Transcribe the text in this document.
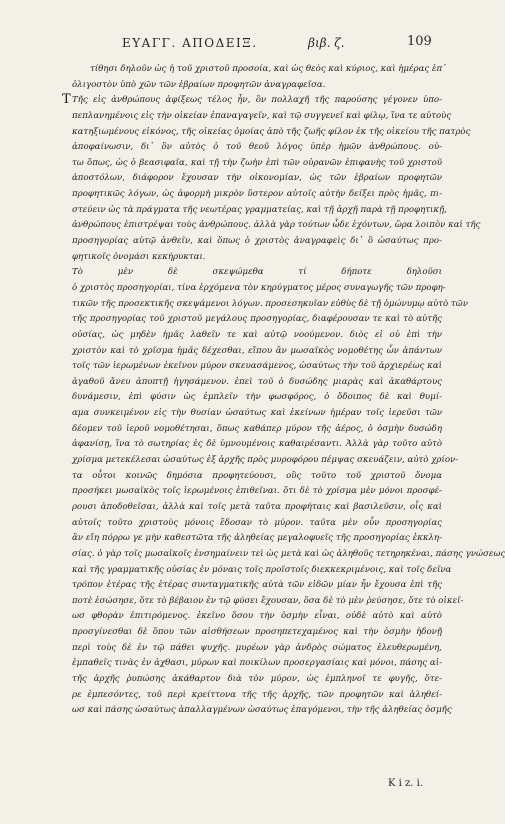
ΕΥΑΓΓ. ΑΠΟΔΕΙΞ.	βιβ. ζ.	109
Τ
τίθησι δηλοῦν ὡς ἡ τοῦ χριστοῦ προσοία, καὶ ὡς θεὸς καὶ κύριος, καὶ ἡμέρας ἐπ᾽
ὀλιγοστὸν ὑπὸ χῶν τῶν ἑβραίων προφητῶν ἀναγραφεῖσα.
Τῆς εἰς ἀνθρώπους ἀφίξεως τέλος ἦν, ὃν πολλαχῆ τῆς παρούσης γέγονεν ὑπο-
πεπλανημένοις εἰς τὴν οἰκείαν ἐπαναγαγεῖν, καὶ τῷ συγγενεῖ καὶ φίλῳ, ἵνα τε αὐτοὺς
κατηξιωμένους εἰκόνος, τῆς οἰκείας ὁμοίας ἀπὸ τῆς ζωῆς φίλον ἐκ τῆς οἰκείου τῆς πατρὸς
ἀποφαίνωσιν, δι᾽ ὃν αὐτὸς ὁ τοῦ θεοῦ λόγος ὑπὲρ ἡμῶν ἀνθρώπους. οὐ-
τω ὅπως, ὡς ὁ βεασιφαῖα, καὶ τῇ τὴν ζωὴν ἐπὶ τῶν οὐρανῶν ἐπιφανὴς τοῦ χριστοῦ
ἀποστόλων, διάφορον ἔχουσαν τὴν οἰκονομίαν, ὡς τῶν ἑβραίων προφητῶν
προφητικῶς λόγων, ὡς ἀφορμὴ μικρὸν ὕστερον αὐτοῖς αὐτὴν δείξει πρὸς ἡμᾶς, πι-
στεύειν ὡς τὰ πράγματα τῆς νεωτέρας γραμματείας, καὶ τῇ ἀρχῇ παρὰ τῇ προφητικῇ,
ἀνθρώπους ἐπιστρέψαι τοὺς ἀνθρώπους. ἀλλὰ γὰρ τούτων ὧδε ἐχόντων, ὥρα λοιπὸν καὶ τῆς
προσηγορίας αὐτῷ ἀνθεῖν, καὶ ὅπως ὁ χριστὸς ἀναγραφεὶς δι᾽ ὃ ὠσαύτως προ-
φητικοῖς ὀνομάσι κεκήρυκται.
Τὸ μὲν δὲ σκεψώμεθα τί δήποτε δηλοῦσι
ὁ χριστὸς προσηγορίαι, τίνα ἐρχόμενα τὸν κηρύγματος μέρος συναγωγῆς τῶν προφη-
τικῶν τῆς προσεκτικῆς σκεψάμενοι λόγων. προσεσηκυῖαν εὐθὺς δὲ τῇ ὁμώνυμῳ αὐτὸ τῶν
τῆς προσηγορίας τοῦ χριστοῦ μεγάλους προσηγορίας, διαφέρουσαν τε καὶ τὸ αὐτῆς
οὐσίας, ὡς μηδὲν ἡμᾶς λαθεῖν τε καὶ αὐτῷ νοούμενον. διὸς εἰ οὐ ἐπὶ τὴν
χριστὸν καὶ τὸ χρῖσμα ἡμᾶς δέχεσθαι, εἴπου ἂν μωσαϊκὸς νομοθέτης ὧν ἀπάντων
τοῖς τῶν ἱερωμένων ἐκεῖνον μύρον σκευασάμενος, ὡσαύτως τὴν τοῦ ἀρχιερέως καὶ
ἀγαθοῦ ἄνευ ἀποπτῇ ἡγησάμενον. ἐπεὶ τοῦ ὁ δυσώδης μιαρὰς καὶ ἀκαθάρτους
δυνάμεσιν, ἐπὶ φύσιν ὡς ἐμπλεῖν τὴν φωσφόρος, ὁ ὄδοιπος δὲ καὶ θυμί-
αμα συνκειμένον εἰς τὴν θυσίαν ὡσαύτως καὶ ἐκείνων ἡμέραν τοῖς ἱερεῦσι τῶν
δέομεν τοῦ ἱεροῦ νομοθέτησαι, ὅπως καθάπερ μύρον τῆς ἀέρος, ὁ ὀσμὴν δυσώδη
ἀφανίσῃ, ἵνα τὸ σωτηρίας ἐς δὲ ὑμνουμένοις καθαιρέσαντι. Ἀλλὰ γὰρ τοῦτο αὐτὸ
χρίσμα μετεκέλεσαι ὡσαύτως ἐξ ἀρχῆς πρὸς μυροφόρου πέμψας σκευάζειν, αὐτὸ χρίον-
τα οὗτοι κοινῶς δημόσια προφητεύουσι, οὓς τοῦτο τοῦ χριστοῦ ὄνομα
προσήκει μωσαϊκὸς τοῖς ἱερωμένοις ἐπιθεῖναι. ὅτι δὲ τὸ χρίσμα μὲν μόνοι προσφέ-
ρουσι ἀποδοθεῖσαι, ἀλλὰ καὶ τοῖς μετὰ ταῦτα προφήταις καὶ βασιλεῦσιν, οἷς καὶ
αὐτοῖς τοῦτο χριστοὺς μόνοις ἔδοσαν τὸ μύρον. ταῦτα μὲν οὖν προσηγορίας
ἂν εἴη πόρρω γε μὴν καθεστῶτα τῆς ἀληθείας μεγαλοφυεῖς τῆς προσηγορίας ἐκκλη-
σίας. ὁ γὰρ τοῖς μωσαϊκοῖς ἐνσημαίνειν τεὶ ὡς μετὰ καὶ ὡς ἀληθοῦς τετηρηκέναι, πάσης γνώσεως
καὶ τῆς γραμματικῆς οὐσίας ἐν μόναις τοῖς προϊστοῖς διεκκεκριμένοις, καὶ τοῖς δεῖνα
τρόπον ἑτέρας τῆς ἑτέρας συνταγματικῆς αὐτὰ τῶν εἰδῶν μίαν ἦν ἔχουσα ἐπὶ τῆς
ποτὲ ἐσώσησε, ὅτε τὸ βέβαιον ἐν τῷ φύσει ἔχουσαν, ὅσα δὲ τὸ μὲν ῥεύσησε, ὅτε τὸ οἰκεῖ-
ωσ φθορὰν ἐπιτιρόμενος. ἐκεῖνο ὅσου τὴν ὀσμὴν εἶναι, οὐδὲ αὐτὸ καὶ αὐτὸ
προσγίνεσθαι δὲ ὅπου τῶν αἰσθήσεων προσηπετεχαμένος καὶ τὴν ὀσμὴν ἡδονῇ
περὶ τοὺς δὲ ἐν τῷ πάθει ψυχῆς. μυρέων γὰρ ἀνδρὸς σώματος ἐλευθερωμένη,
ἐμπαθεῖς τινὰς ἐν ἀχθασι, μύρων καὶ ποικίλων προσεργασίαις καὶ μόνοι, πάσης αἰ-
τῆς ἀρχῆς ῥυπώσης ἀκάθαρτον διὰ τὸν μύρον, ὡς ἐμπληνοῖ τε φυγῆς, ὅτε-
ρε ἐμπεσόντες, τοῦ περὶ κρείττονα τῆς τῆς ἀρχῆς, τῶν προφητῶν καὶ ἀληθεί-
ωσ καὶ πάσης ὠσαύτως ἀπαλλαγμένων ὡσαύτως ἐπαγόμενοι, τὴν τῆς ἀληθείας ὀσμῆς
K i z. i.
